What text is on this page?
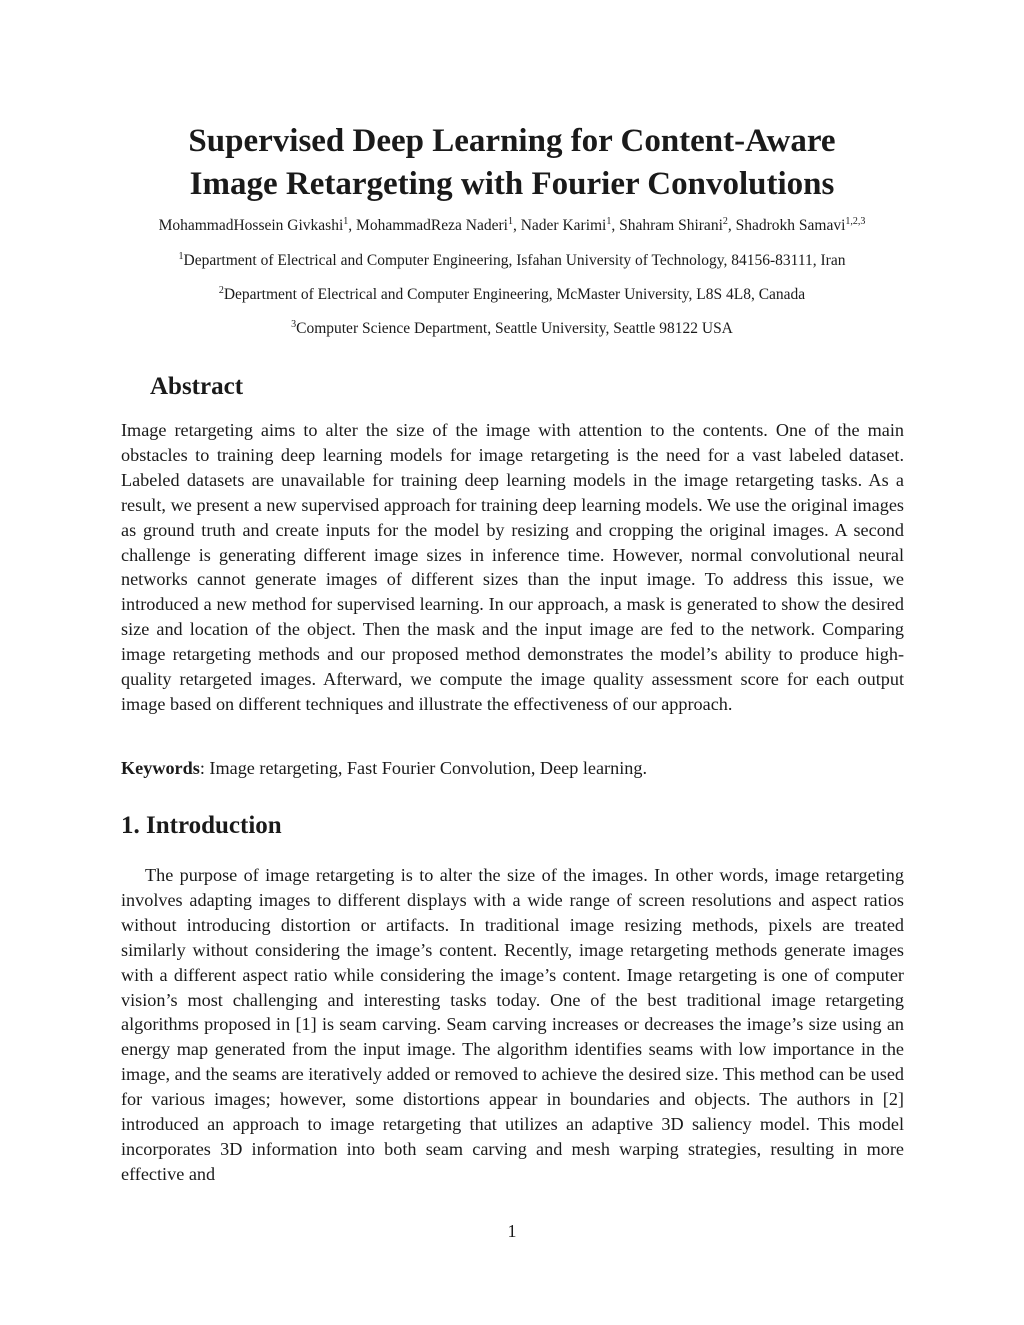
Supervised Deep Learning for Content-Aware
Image Retargeting with Fourier Convolutions
MohammadHossein Givkashi$^1$, MohammadReza Naderi$^1$, Nader Karimi$^1$, Shahram Shirani$^2$, Shadrokh Samavi$^{1,2,3}$
$^1$Department of Electrical and Computer Engineering, Isfahan University of Technology, 84156-83111, Iran
$^2$Department of Electrical and Computer Engineering, McMaster University, L8S 4L8, Canada
$^3$Computer Science Department, Seattle University, Seattle 98122 USA
Abstract

Image retargeting aims to alter the size of the image with attention to the contents. One of the main obstacles to training deep learning models for image retargeting is the need for a vast labeled dataset. Labeled datasets are unavailable for training deep learning models in the image retargeting tasks. As a result, we present a new supervised approach for training deep learning models. We use the original images as ground truth and create inputs for the model by resizing and cropping the original images. A second challenge is generating different image sizes in inference time. However, normal convolutional neural networks cannot generate images of different sizes than the input image. To address this issue, we introduced a new method for supervised learning. In our approach, a mask is generated to show the desired size and location of the object. Then the mask and the input image are fed to the network. Comparing image retargeting methods and our proposed method demonstrates the model’s ability to produce high-quality retargeted images. Afterward, we compute the image quality assessment score for each output image based on different techniques and illustrate the effectiveness of our approach.

Keywords: Image retargeting, Fast Fourier Convolution, Deep learning.

1. Introduction

The purpose of image retargeting is to alter the size of the images. In other words, image retargeting involves adapting images to different displays with a wide range of screen resolutions and aspect ratios without introducing distortion or artifacts. In traditional image resizing methods, pixels are treated similarly without considering the image’s content. Recently, image retargeting methods generate images with a different aspect ratio while considering the image’s content. Image retargeting is one of computer vision’s most challenging and interesting tasks today. One of the best traditional image retargeting algorithms proposed in [1] is seam carving. Seam carving increases or decreases the image’s size using an energy map generated from the input image. The algorithm identifies seams with low importance in the image, and the seams are iteratively added or removed to achieve the desired size. This method can be used for various images; however, some distortions appear in boundaries and objects. The authors in [2] introduced an approach to image retargeting that utilizes an adaptive 3D saliency model. This model incorporates 3D information into both seam carving and mesh warping strategies, resulting in more effective and

1
